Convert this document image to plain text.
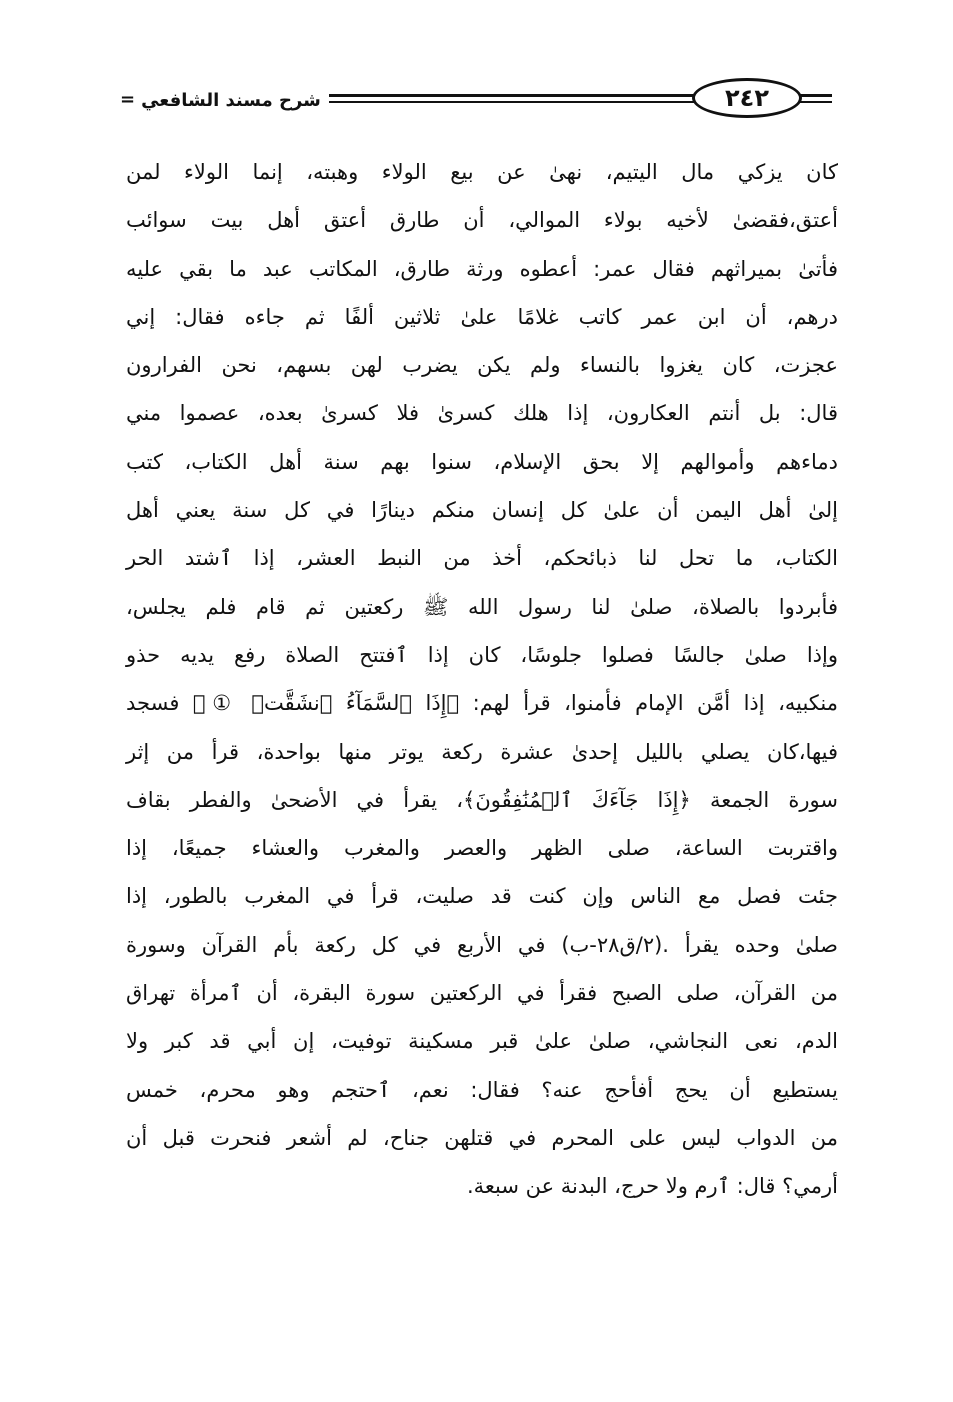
= شرح مسند الشافعي	٢٤٢
كان يزكي مال اليتيم، نهىٰ عن بيع الولاء وهبته، إنما الولاء لمن
أعتق،فقضىٰ لأخيه بولاء الموالي، أن طارق أعتق أهل بيت سوائب
فأتىٰ بميراثهم فقال عمر: أعطوه ورثة طارق، المكاتب عبد ما بقي عليه
درهم، أن ابن عمر كاتب غلامًا علىٰ ثلاثين ألفًا ثم جاءه فقال: إني
عجزت، كان يغزوا بالنساء ولم يكن يضرب لهن بسهم، نحن الفرارون
قال: بل أنتم العكارون، إذا هلك كسرىٰ فلا كسرىٰ بعده، عصموا مني
دماءهم وأموالهم إلا بحق الإسلام، سنوا بهم سنة أهل الكتاب، كتب
إلىٰ أهل اليمن أن علىٰ كل إنسان منكم دينارًا في كل سنة يعني أهل
الكتاب، ما تحل لنا ذبائحكم، أخذ من النبط العشر، إذا ٱشتد الحر
فأبردوا بالصلاة، صلىٰ لنا رسول الله ﷺ ركعتين ثم قام فلم يجلس،
وإذا صلىٰ جالسًا فصلوا جلوسًا، كان إذا ٱفتتح الصلاة رفع يديه حذو
منكبيه، إذا أمَّن الإمام فأمنوا، قرأ لهم: ﴿إِذَا ٱلسَّمَآءُ ٱنشَقَّتۡ ①﴾ فسجد
فيها،كان يصلي بالليل إحدىٰ عشرة ركعة يوتر منها بواحدة، قرأ من إثر
سورة الجمعة ﴿إِذَا جَآءَكَ ٱلۡمُنَٰفِقُونَ﴾، يقرأ في الأضحىٰ والفطر بقاف
واقتربت الساعة، صلى الظهر والعصر والمغرب والعشاء جميعًا، إذا
جئت فصل مع الناس وإن كنت قد صليت، قرأ في المغرب بالطور، إذا
صلىٰ وحده يقرأ .(٢/ق٢٨-ب) في الأربع في كل ركعة بأم القرآن وسورة
من القرآن، صلى الصبح فقرأ في الركعتين سورة البقرة، أن ٱمرأة تهراق
الدم، نعى النجاشي، صلىٰ علىٰ قبر مسكينة توفيت، إن أبي قد كبر ولا
يستطيع أن يحج أفأحج عنه؟ فقال: نعم، ٱحتجم وهو محرم، خمس
من الدواب ليس على المحرم في قتلهن جناح، لم أشعر فنحرت قبل أن
أرمي؟ قال: ٱرم ولا حرج، البدنة عن سبعة.
